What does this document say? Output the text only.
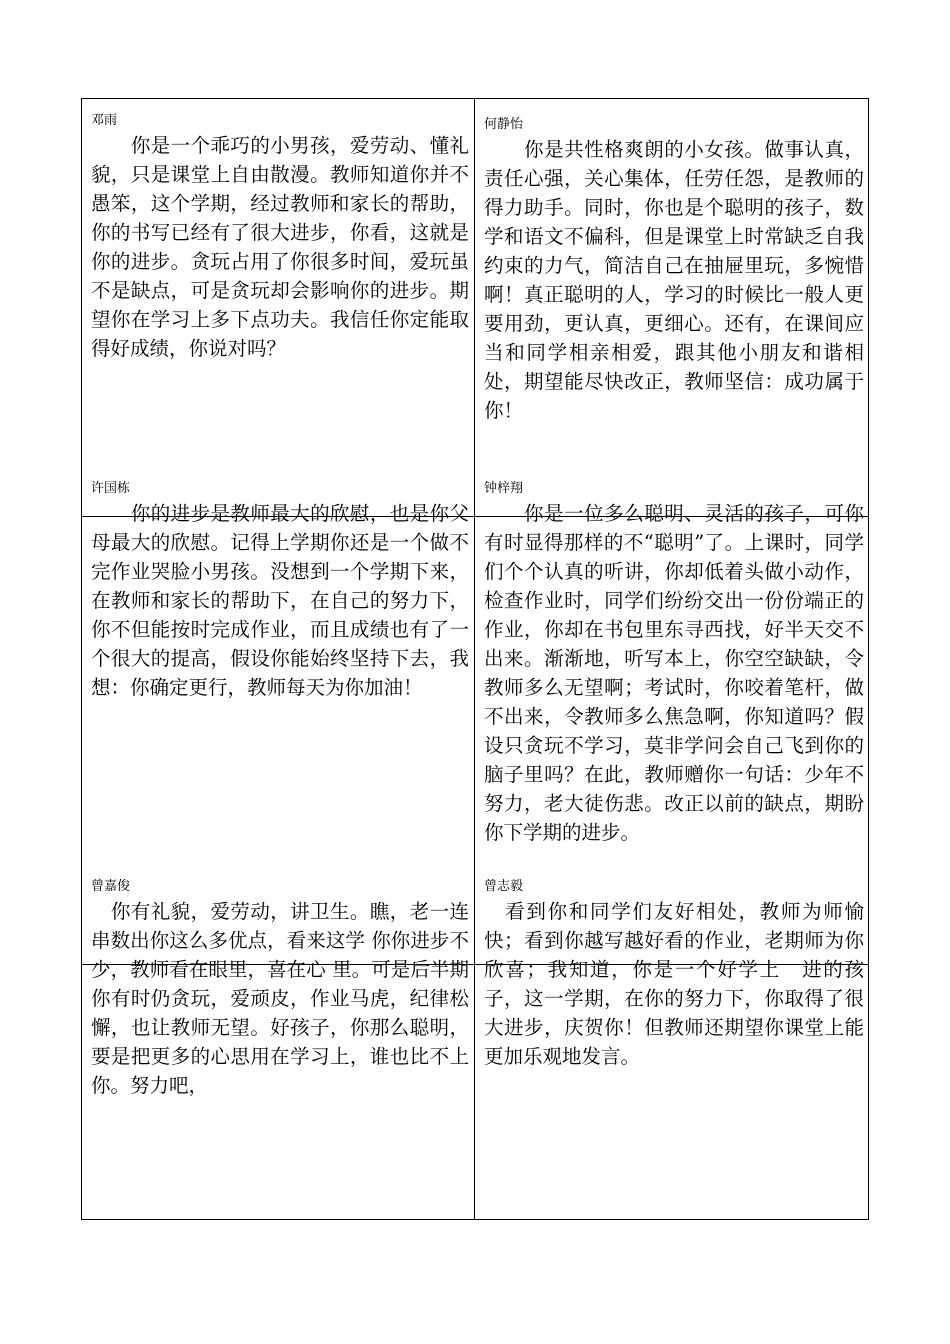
邓雨

　　你是一个乖巧的小男孩，爱劳动、懂礼貌，只是课堂上自由散漫。教师知道你并不愚笨，这个学期，经过教师和家长的帮助，你的书写已经有了很大进步，你看，这就是你的进步。贪玩占用了你很多时间，爱玩虽不是缺点，可是贪玩却会影响你的进步。期望你在学习上多下点功夫。我信任你定能取得好成绩，你说对吗？

何静怡

　　你是共性格爽朗的小女孩。做事认真，责任心强，关心集体，任劳任怨，是教师的得力助手。同时，你也是个聪明的孩子，数学和语文不偏科，但是课堂上时常缺乏自我约束的力气，简洁自己在抽屉里玩，多惋惜啊！真正聪明的人，学习的时候比一般人更要用劲，更认真，更细心。还有，在课间应当和同学相亲相爱，跟其他小朋友和谐相处，期望能尽快改正，教师坚信：成功属于你！

许国栋

　　你的进步是教师最大的欣慰，也是你父母最大的欣慰。记得上学期你还是一个做不完作业哭脸小男孩。没想到一个学期下来，在教师和家长的帮助下，在自己的努力下，你不但能按时完成作业，而且成绩也有了一个很大的提高，假设你能始终坚持下去，我想：你确定更行，教师每天为你加油！

钟梓翔

　　你是一位多么聪明、灵活的孩子，可你有时显得那样的不“聪明”了。上课时，同学们个个认真的听讲，你却低着头做小动作，检查作业时，同学们纷纷交出一份份端正的作业，你却在书包里东寻西找，好半天交不出来。渐渐地，听写本上，你空空缺缺，令教师多么无望啊；考试时，你咬着笔杆，做不出来，令教师多么焦急啊，你知道吗？假设只贪玩不学习，莫非学问会自己飞到你的脑子里吗？在此，教师赠你一句话：少年不努力，老大徒伤悲。改正以前的缺点，期盼你下学期的进步。

曾嘉俊

　你有礼貌，爱劳动，讲卫生。瞧，老一连串数出你这么多优点，看来这学 你你进步不少，教师看在眼里，喜在心 里。可是后半期你有时仍贪玩，爱顽皮，作业马虎，纪律松懈，也让教师无望。好孩子，你那么聪明，要是把更多的心思用在学习上，谁也比不上你。努力吧，

曾志毅

　看到你和同学们友好相处，教师为师愉快；看到你越写越好看的作业，老期师为你欣喜；我知道，你是一个好学上　进的孩子，这一学期，在你的努力下，你取得了很大进步，庆贺你！但教师还期望你课堂上能更加乐观地发言。
